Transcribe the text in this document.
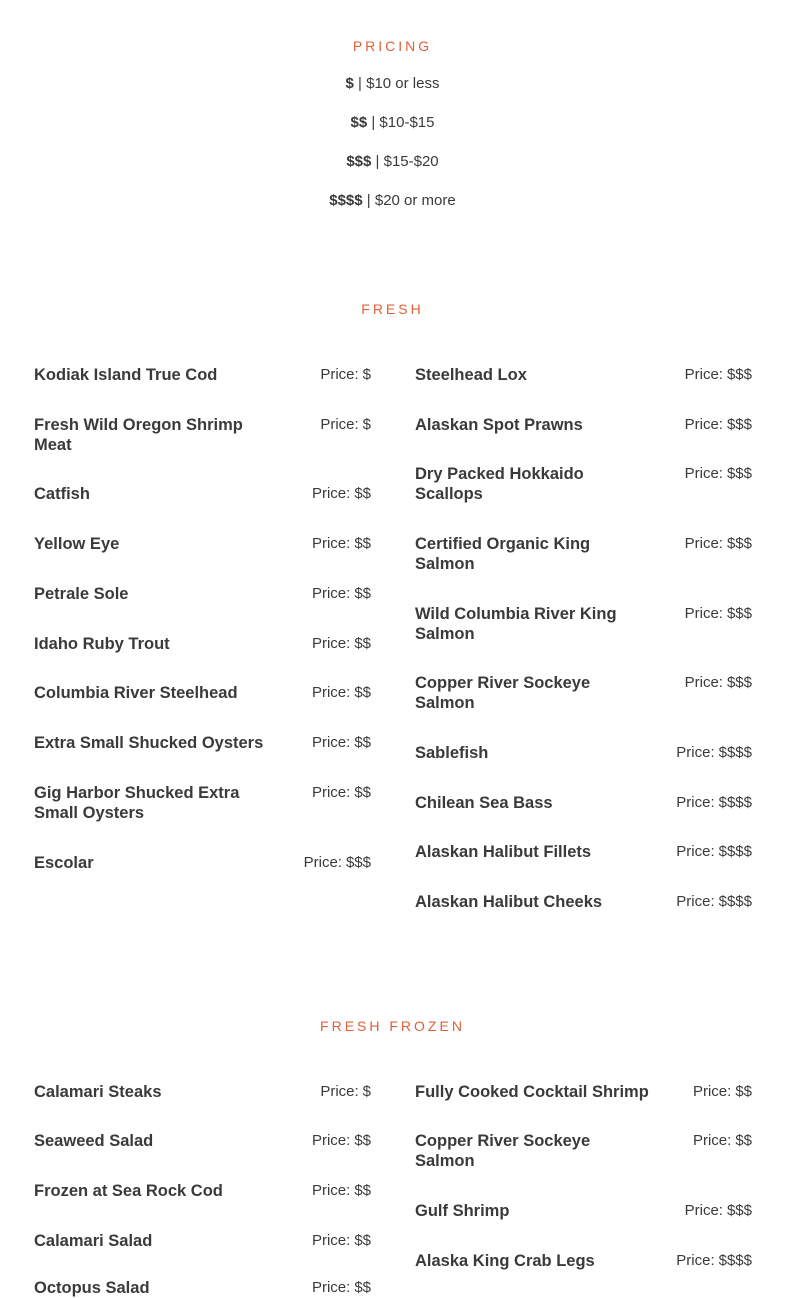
PRICING
$ | $10 or less
$$ | $10-$15
$$$ | $15-$20
$$$$ | $20 or more
FRESH
Kodiak Island True Cod	Price: $
Fresh Wild Oregon Shrimp Meat
Price: $
Catfish	Price: $$
Yellow Eye	Price: $$
Petrale Sole	Price: $$
Idaho Ruby Trout	Price: $$
Columbia River Steelhead	Price: $$
Extra Small Shucked Oysters	Price: $$
Gig Harbor Shucked Extra Small Oysters
Price: $$
Escolar	Price: $$$
Steelhead Lox	Price: $$$
Alaskan Spot Prawns	Price: $$$
Dry Packed Hokkaido Scallops
Price: $$$
Certified Organic King Salmon
Price: $$$
Wild Columbia River King Salmon
Price: $$$
Copper River Sockeye Salmon
Price: $$$
Sablefish	Price: $$$$
Chilean Sea Bass	Price: $$$$
Alaskan Halibut Fillets	Price: $$$$
Alaskan Halibut Cheeks	Price: $$$$
FRESH FROZEN
Calamari Steaks	Price: $
Seaweed Salad	Price: $$
Frozen at Sea Rock Cod	Price: $$
Calamari Salad	Price: $$
Octopus Salad	Price: $$
Fully Cooked Cocktail Shrimp	Price: $$
Copper River Sockeye Salmon
Price: $$
Gulf Shrimp	Price: $$$
Alaska King Crab Legs	Price: $$$$
